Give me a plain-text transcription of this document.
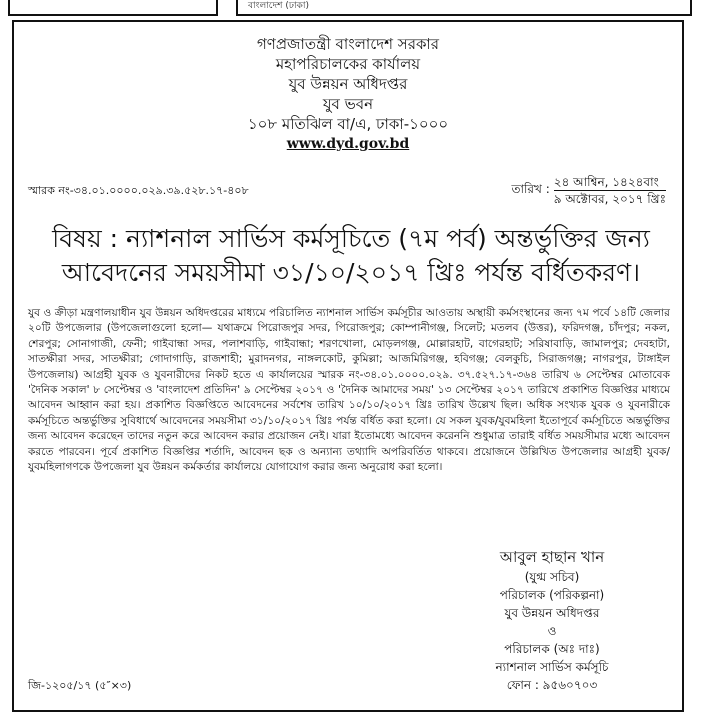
বাংলাদেশ (ঢাকা)
গণপ্রজাতন্ত্রী বাংলাদেশ সরকার
মহাপরিচালকের কার্যালয়
যুব উন্নয়ন অধিদপ্তর
যুব ভবন
১০৮ মতিঝিল বা/এ, ঢাকা-১০০০
www.dyd.gov.bd
স্মারক নং-৩৪.০১.০০০০.০২৯.৩৯.৫২৮.১৭-৪০৮	তারিখ : ২৪ আশ্বিন, ১৪২৪বাং
৯ অক্টোবর, ২০১৭ খ্রিঃ
বিষয় : ন্যাশনাল সার্ভিস কর্মসূচিতে (৭ম পর্ব) অন্তর্ভুক্তির জন্য আবেদনের সময়সীমা ৩১/১০/২০১৭ খ্রিঃ পর্যন্ত বর্ধিতকরণ।
যুব ও ক্রীড়া মন্ত্রণালয়াধীন যুব উন্নয়ন অধিদপ্তরের মাধ্যমে পরিচালিত ন্যাশনাল সার্ভিস কর্মসূচীর আওতায় অস্থায়ী কর্মসংস্থানের জন্য ৭ম পর্বে ১৪টি জেলার ২০টি উপজেলার (উপজেলাগুলো হলো— যথাক্রমে পিরোজপুর সদর, পিরোজপুর; কোম্পানীগঞ্জ, সিলেট; মতলব (উত্তর), ফরিদগঞ্জ, চাঁদপুর; নকল, শেরপুর; সোনাগাজী, ফেনী; গাইবান্ধা সদর, পলাশবাড়ি, গাইবান্ধা; শরণখোলা, মোড়লগঞ্জ, মোল্লারহাট, বাগেরহাট; সরিষাবাড়ি, জামালপুর; দেবহাটা, সাতক্ষীরা সদর, সাতক্ষীরা; গোদাগাড়ি, রাজশাহী; মুরাদনগর, নাঙ্গলকোট, কুমিল্লা; আজমিরিগঞ্জ, হবিগঞ্জ; বেলকুচি, সিরাজগঞ্জ; নাগরপুর, টাঙ্গাইল উপজেলায়) আগ্রহী যুবক ও যুবনারীদের নিকট হতে এ কার্যালয়ের স্মারক নং-৩৪.০১.০০০০.০২৯. ৩৭.৫২৭.১৭-৩৬৪ তারিখ ৬ সেপ্টেম্বর মোতাবেক 'দৈনিক সকাল' ৮ সেপ্টেম্বর ও 'বাংলাদেশ প্রতিদিন' ৯ সেপ্টেম্বর ২০১৭ ও 'দৈনিক আমাদের সময়' ১৩ সেপ্টেম্বর ২০১৭ তারিখে প্রকাশিত বিজ্ঞপ্তির মাধ্যমে আবেদন আহ্বান করা হয়। প্রকাশিত বিজ্ঞপ্তিতে আবেদনের সর্বশেষ তারিখ ১০/১০/২০১৭ খ্রিঃ তারিখ উল্লেখ ছিল। অধিক সংখ্যক যুবক ও যুবনারীকে কর্মসূচিতে অন্তর্ভুক্তির সুবিধার্থে আবেদনের সময়সীমা ৩১/১০/২০১৭ খ্রিঃ পর্যন্ত বর্ধিত করা হলো। যে সকল যুবক/যুবমহিলা ইতোপূর্বে কর্মসূচিতে অন্তর্ভুক্তির জন্য আবেদন করেছেন তাদের নতুন করে আবেদন করার প্রয়োজন নেই। যারা ইতোমধ্যে আবেদন করেননি শুধুমাত্র তারাই বর্ধিত সময়সীমার মধ্যে আবেদন করতে পারবেন। পূর্বে প্রকাশিত বিজ্ঞপ্তির শর্তাদি, আবেদন ছক ও অন্যান্য তথ্যাদি অপরিবর্তিত থাকবে। প্রয়োজনে উল্লিখিত উপজেলার আগ্রহী যুবক/যুবমহিলাগণকে উপজেলা যুব উন্নয়ন কর্মকর্তার কার্যালয়ে যোগাযোগ করার জন্য অনুরোধ করা হলো।
আবুল হাছান খান
(যুগ্ম সচিব)
পরিচালক (পরিকল্পনা)
যুব উন্নয়ন অধিদপ্তর
ও
পরিচালক (অঃ দাঃ)
ন্যাশনাল সার্ভিস কর্মসূচি
ফোন : ৯৫৬০৭০৩
জি-১২০৫/১৭ (৫″×৩)
